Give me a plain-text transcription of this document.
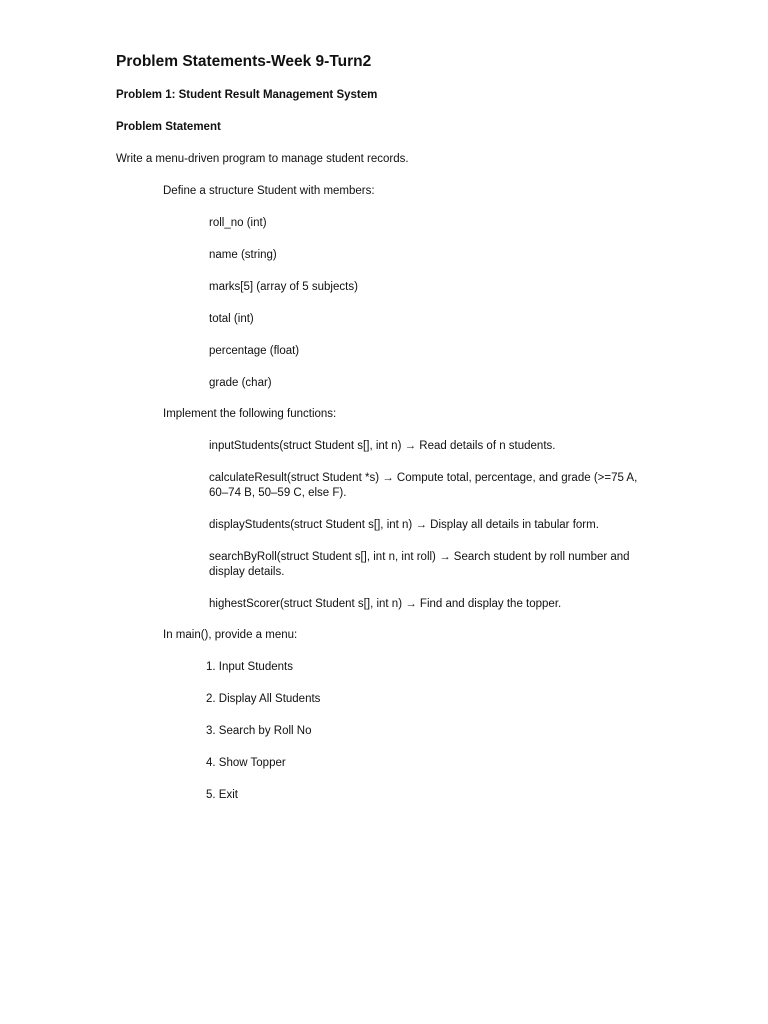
Problem Statements-Week 9-Turn2
Problem 1: Student Result Management System
Problem Statement
Write a menu-driven program to manage student records.
Define a structure Student with members:
roll_no (int)
name (string)
marks[5] (array of 5 subjects)
total (int)
percentage (float)
grade (char)
Implement the following functions:
inputStudents(struct Student s[], int n) → Read details of n students.
calculateResult(struct Student *s) → Compute total, percentage, and grade (>=75 A, 60–74 B, 50–59 C, else F).
displayStudents(struct Student s[], int n) → Display all details in tabular form.
searchByRoll(struct Student s[], int n, int roll) → Search student by roll number and display details.
highestScorer(struct Student s[], int n) → Find and display the topper.
In main(), provide a menu:
1. Input Students
2. Display All Students
3. Search by Roll No
4. Show Topper
5. Exit
